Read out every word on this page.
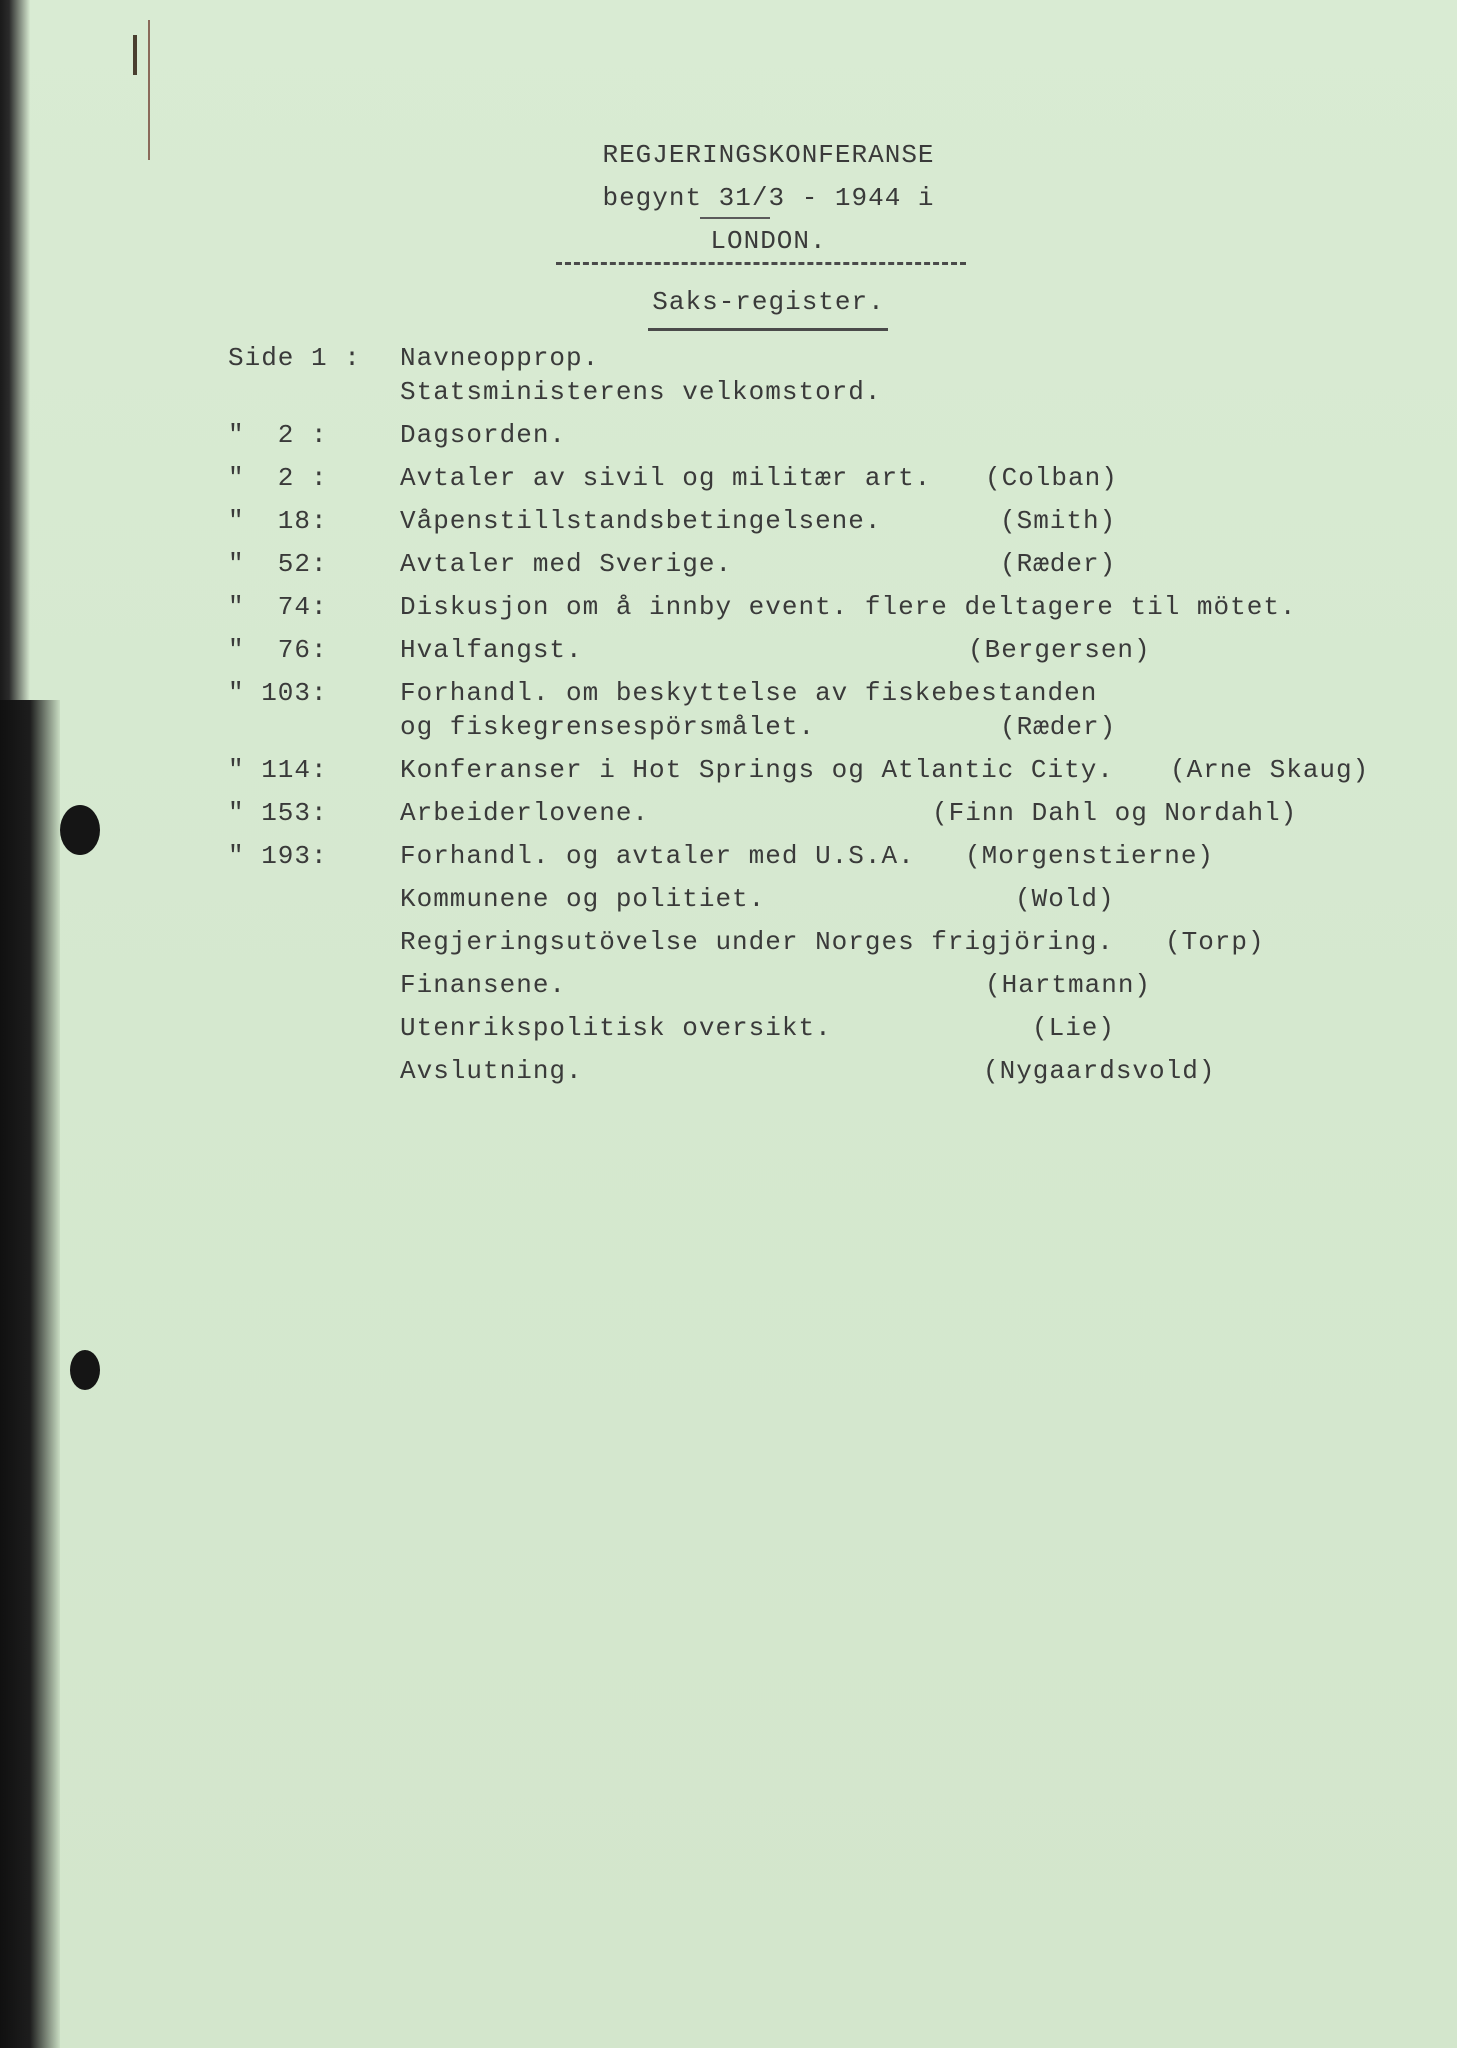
REGJERINGSKONFERANSE
begynt 31/3 - 1944 i
LONDON.
Saks-register.
Side 1 : Navneopprop.
Statsministerens velkomstord.
"  2 :	Dagsorden.
"  2 :	Avtaler av sivil og militær art. (Colban)
"  18:	Våpenstillstandsbetingelsene.	(Smith)
"  52:	Avtaler med Sverige.	(Ræder)
"  74:	Diskusjon om å innby event. flere deltagere til mötet.
"  76:	Hvalfangst.	(Bergersen)
" 103:	Forhandl. om beskyttelse av fiskebestanden
og fiskegrensespörsmålet.	(Ræder)
" 114:	Konferanser i Hot Springs og Atlantic City. (Arne Skaug)
" 153:	Arbeiderlovene.	(Finn Dahl og Nordahl)
" 193:	Forhandl. og avtaler med U.S.A. (Morgenstierne)
Kommunene og politiet.	(Wold)
Regjeringsutövelse under Norges frigjöring. (Torp)
Finansene.	(Hartmann)
Utenrikspolitisk oversikt.	(Lie)
Avslutning.	(Nygaardsvold)
